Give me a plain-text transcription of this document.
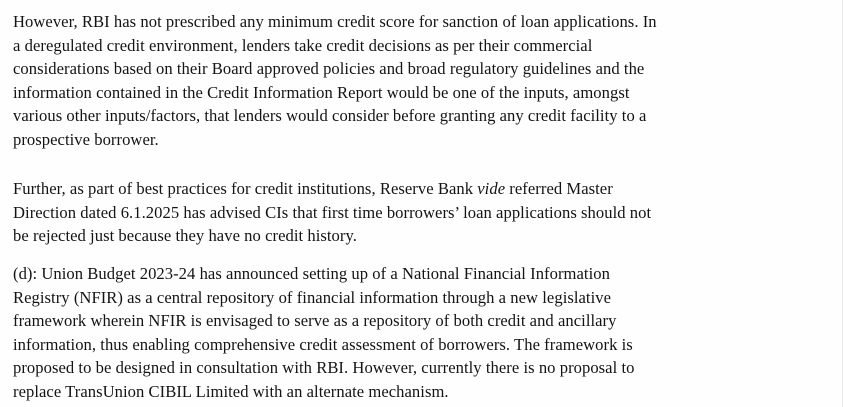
However, RBI has not prescribed any minimum credit score for sanction of loan applications. In
a deregulated credit environment, lenders take credit decisions as per their commercial
considerations based on their Board approved policies and broad regulatory guidelines and the
information contained in the Credit Information Report would be one of the inputs, amongst
various other inputs/factors, that lenders would consider before granting any credit facility to a
prospective borrower.

Further, as part of best practices for credit institutions, Reserve Bank vide referred Master
Direction dated 6.1.2025 has advised CIs that first time borrowers’ loan applications should not
be rejected just because they have no credit history.

(d): Union Budget 2023-24 has announced setting up of a National Financial Information
Registry (NFIR) as a central repository of financial information through a new legislative
framework wherein NFIR is envisaged to serve as a repository of both credit and ancillary
information, thus enabling comprehensive credit assessment of borrowers. The framework is
proposed to be designed in consultation with RBI. However, currently there is no proposal to
replace TransUnion CIBIL Limited with an alternate mechanism.
